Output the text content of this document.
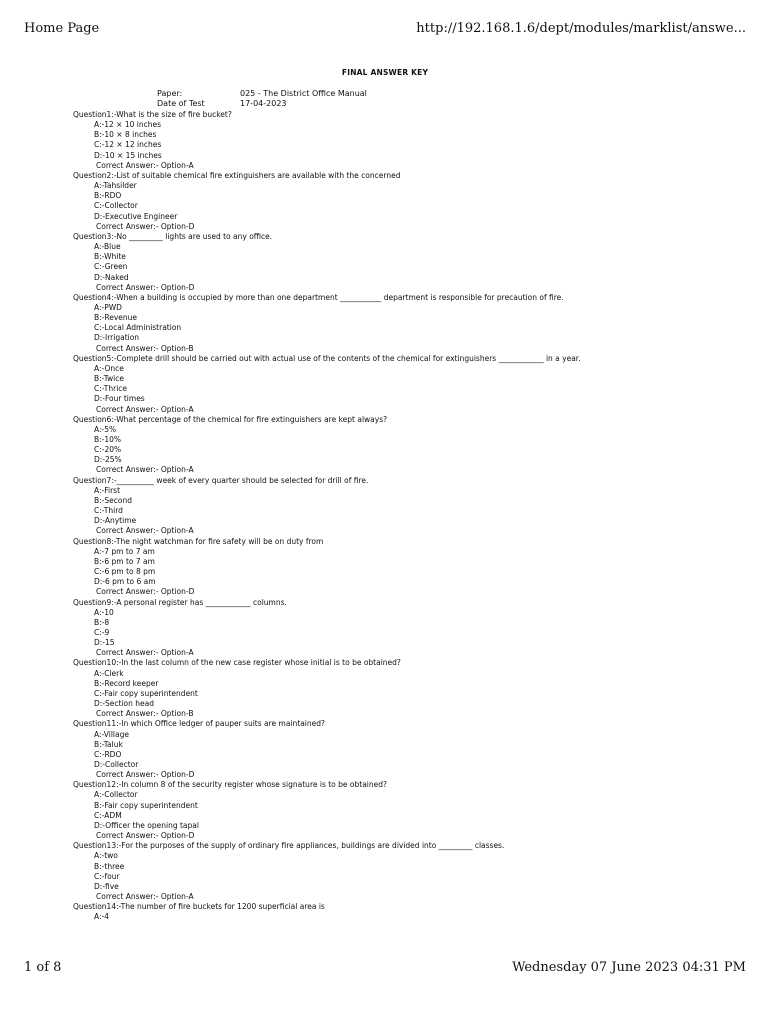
Home Page	http://192.168.1.6/dept/modules/marklist/answe...
FINAL ANSWER KEY
Paper:	025 - The District Office Manual
Date of Test	17-04-2023
Question1:-What is the size of fire bucket?
A:-12 × 10 inches
B:-10 × 8 inches
C:-12 × 12 inches
D:-10 × 15 inches
Correct Answer:- Option-A
Question2:-List of suitable chemical fire extinguishers are available with the concerned
A:-Tahsilder
B:-RDO
C:-Collector
D:-Executive Engineer
Correct Answer:- Option-D
Question3:-No _________ lights are used to any office.
A:-Blue
B:-White
C:-Green
D:-Naked
Correct Answer:- Option-D
Question4:-When a building is occupied by more than one department ___________ department is responsible for precaution of fire.
A:-PWD
B:-Revenue
C:-Local Administration
D:-Irrigation
Correct Answer:- Option-B
Question5:-Complete drill should be carried out with actual use of the contents of the chemical for extinguishers ____________ in a year.
A:-Once
B:-Twice
C:-Thrice
D:-Four times
Correct Answer:- Option-A
Question6:-What percentage of the chemical for fire extinguishers are kept always?
A:-5%
B:-10%
C:-20%
D:-25%
Correct Answer:- Option-A
Question7:-__________ week of every quarter should be selected for drill of fire.
A:-First
B:-Second
C:-Third
D:-Anytime
Correct Answer:- Option-A
Question8:-The night watchman for fire safety will be on duty from
A:-7 pm to 7 am
B:-6 pm to 7 am
C:-6 pm to 8 pm
D:-6 pm to 6 am
Correct Answer:- Option-D
Question9:-A personal register has ____________ columns.
A:-10
B:-8
C:-9
D:-15
Correct Answer:- Option-A
Question10:-In the last column of the new case register whose initial is to be obtained?
A:-Clerk
B:-Record keeper
C:-Fair copy superintendent
D:-Section head
Correct Answer:- Option-B
Question11:-In which Office ledger of pauper suits are maintained?
A:-Village
B:-Taluk
C:-RDO
D:-Collector
Correct Answer:- Option-D
Question12:-In column 8 of the security register whose signature is to be obtained?
A:-Collector
B:-Fair copy superintendent
C:-ADM
D:-Officer the opening tapal
Correct Answer:- Option-D
Question13:-For the purposes of the supply of ordinary fire appliances, buildings are divided into _________ classes.
A:-two
B:-three
C:-four
D:-five
Correct Answer:- Option-A
Question14:-The number of fire buckets for 1200 superficial area is
A:-4
1 of 8	Wednesday 07 June 2023 04:31 PM
